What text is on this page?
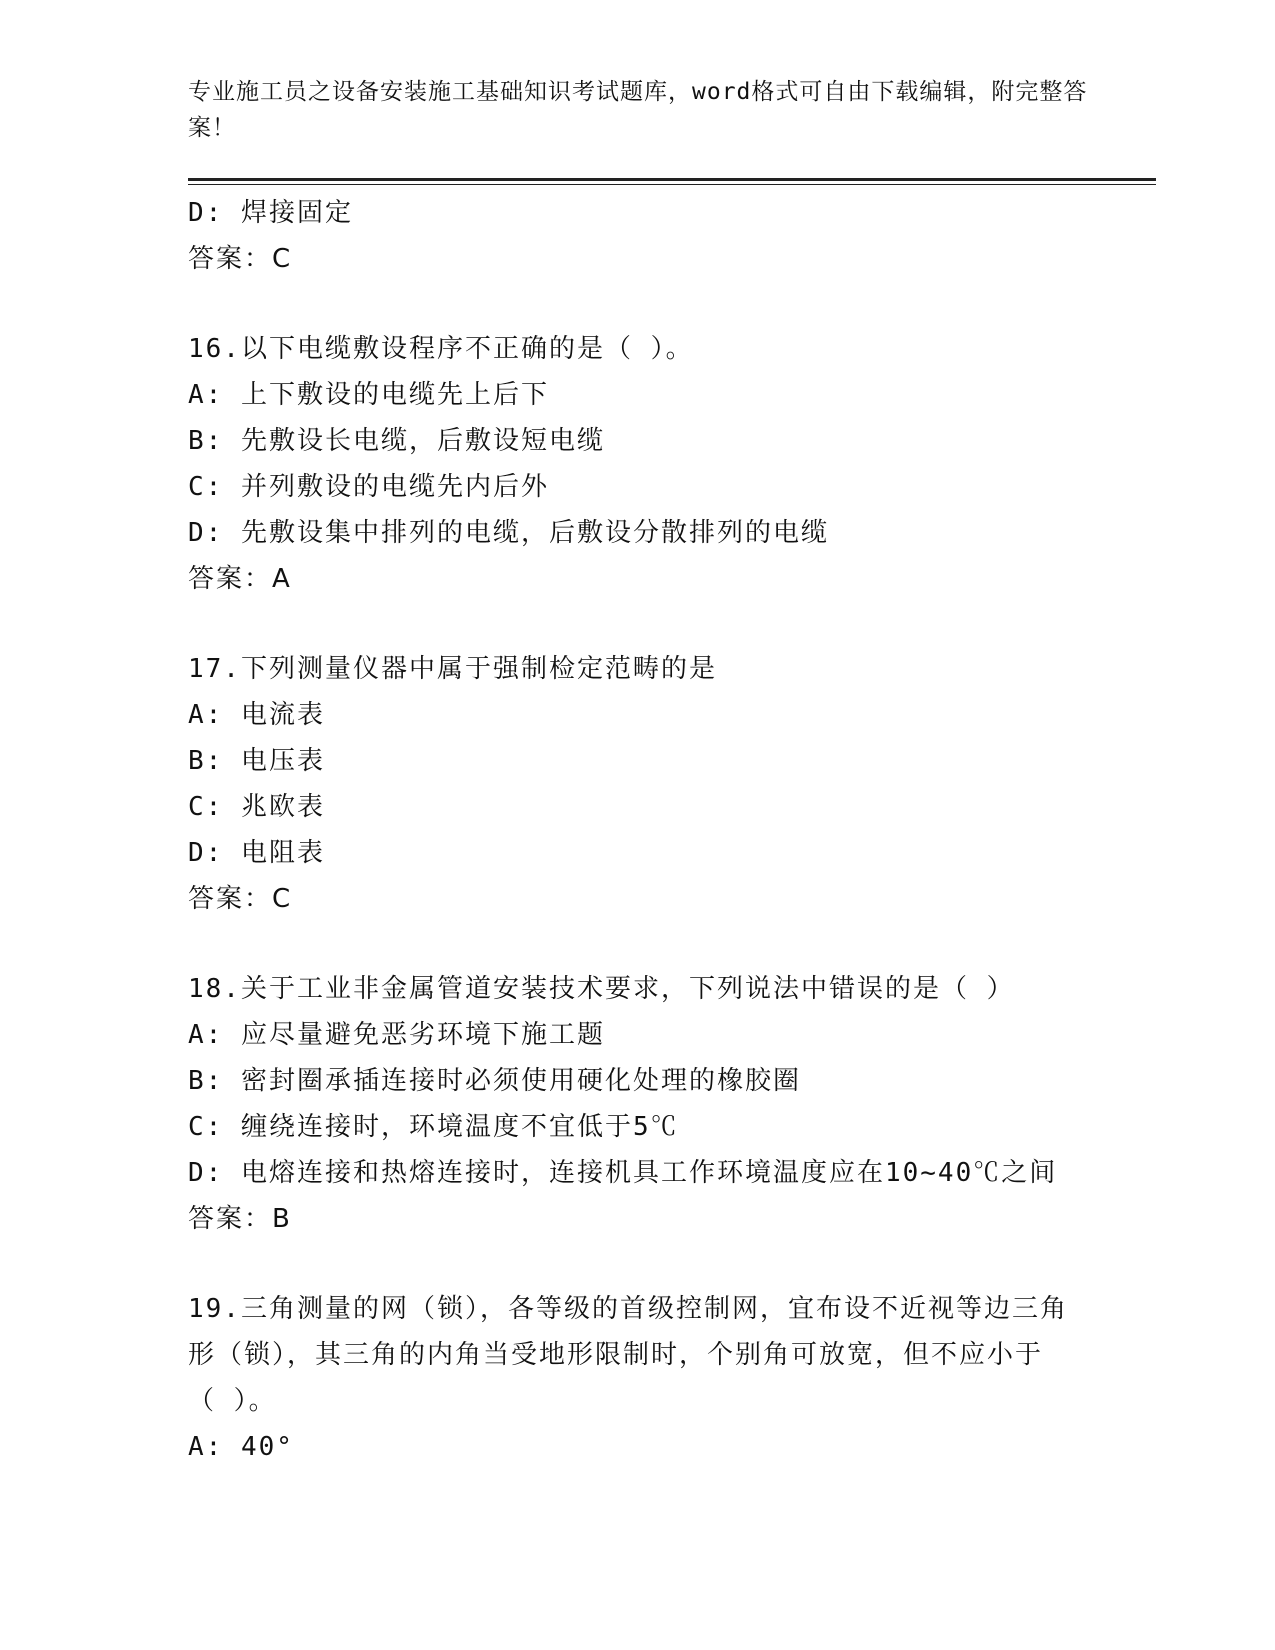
专业施工员之设备安装施工基础知识考试题库，word格式可自由下载编辑，附完整答案！
D: 焊接固定
答案：C
16.以下电缆敷设程序不正确的是（ ）。
A: 上下敷设的电缆先上后下
B: 先敷设长电缆，后敷设短电缆
C: 并列敷设的电缆先内后外
D: 先敷设集中排列的电缆，后敷设分散排列的电缆
答案：A
17.下列测量仪器中属于强制检定范畴的是
A: 电流表
B: 电压表
C: 兆欧表
D: 电阻表
答案：C
18.关于工业非金属管道安装技术要求，下列说法中错误的是（ ）
A: 应尽量避免恶劣环境下施工题
B: 密封圈承插连接时必须使用硬化处理的橡胶圈
C: 缠绕连接时，环境温度不宜低于5℃
D: 电熔连接和热熔连接时，连接机具工作环境温度应在10~40℃之间
答案：B
19.三角测量的网（锁），各等级的首级控制网，宜布设不近视等边三角形（锁），其三角的内角当受地形限制时，个别角可放宽，但不应小于（ ）。
A: 40°
